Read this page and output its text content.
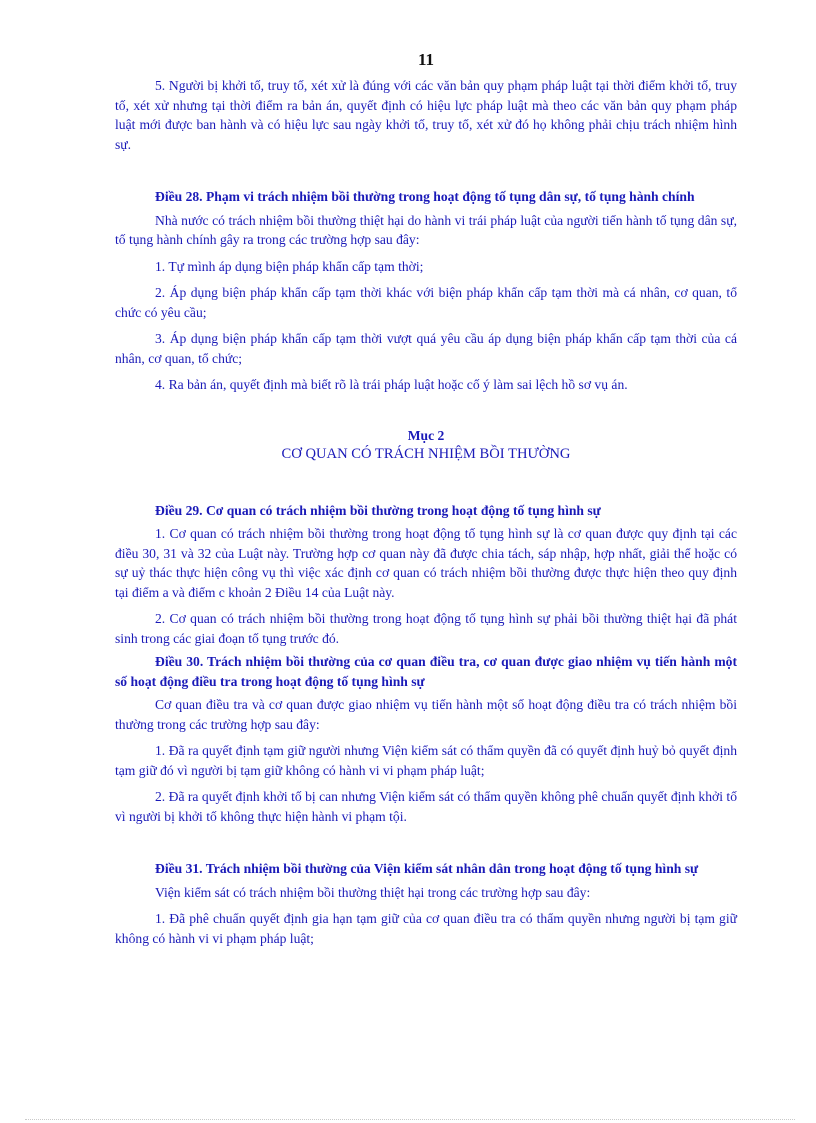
11

5. Người bị khởi tố, truy tố, xét xử là đúng với các văn bản quy phạm pháp luật tại thời điểm khởi tố, truy tố, xét xử nhưng tại thời điểm ra bản án, quyết định có hiệu lực pháp luật mà theo các văn bản quy phạm pháp luật mới được ban hành và có hiệu lực sau ngày khởi tố, truy tố, xét xử đó họ không phải chịu trách nhiệm hình sự.

Điều 28. Phạm vi trách nhiệm bồi thường trong hoạt động tố tụng dân sự, tố tụng hành chính

Nhà nước có trách nhiệm bồi thường thiệt hại do hành vi trái pháp luật của người tiến hành tố tụng dân sự, tố tụng hành chính gây ra trong các trường hợp sau đây:

1. Tự mình áp dụng biện pháp khẩn cấp tạm thời;

2. Áp dụng biện pháp khẩn cấp tạm thời khác với biện pháp khẩn cấp tạm thời mà cá nhân, cơ quan, tổ chức có yêu cầu;

3. Áp dụng biện pháp khẩn cấp tạm thời vượt quá yêu cầu áp dụng biện pháp khẩn cấp tạm thời của cá nhân, cơ quan, tổ chức;

4. Ra bản án, quyết định mà biết rõ là trái pháp luật hoặc cố ý làm sai lệch hồ sơ vụ án.

Mục 2

CƠ QUAN CÓ TRÁCH NHIỆM BỒI THƯỜNG

Điều 29. Cơ quan có trách nhiệm bồi thường trong hoạt động tố tụng hình sự

1. Cơ quan có trách nhiệm bồi thường trong hoạt động tố tụng hình sự là cơ quan được quy định tại các điều 30, 31 và 32 của Luật này. Trường hợp cơ quan này đã được chia tách, sáp nhập, hợp nhất, giải thể hoặc có sự uỷ thác thực hiện công vụ thì việc xác định cơ quan có trách nhiệm bồi thường được thực hiện theo quy định tại điểm a và điểm c khoản 2 Điều 14 của Luật này.

2. Cơ quan có trách nhiệm bồi thường trong hoạt động tố tụng hình sự phải bồi thường thiệt hại đã phát sinh trong các giai đoạn tố tụng trước đó.

Điều 30. Trách nhiệm bồi thường của cơ quan điều tra, cơ quan được giao nhiệm vụ tiến hành một số hoạt động điều tra trong hoạt động tố tụng hình sự

Cơ quan điều tra và cơ quan được giao nhiệm vụ tiến hành một số hoạt động điều tra có trách nhiệm bồi thường trong các trường hợp sau đây:

1. Đã ra quyết định tạm giữ người nhưng Viện kiểm sát có thẩm quyền đã có quyết định huỷ bỏ quyết định tạm giữ đó vì người bị tạm giữ không có hành vi vi phạm pháp luật;

2. Đã ra quyết định khởi tố bị can nhưng Viện kiểm sát có thẩm quyền không phê chuẩn quyết định khởi tố vì người bị khởi tố không thực hiện hành vi phạm tội.

Điều 31. Trách nhiệm bồi thường của Viện kiểm sát nhân dân trong hoạt động tố tụng hình sự

Viện kiểm sát có trách nhiệm bồi thường thiệt hại trong các trường hợp sau đây:

1. Đã phê chuẩn quyết định gia hạn tạm giữ của cơ quan điều tra có thẩm quyền nhưng người bị tạm giữ không có hành vi vi phạm pháp luật;
